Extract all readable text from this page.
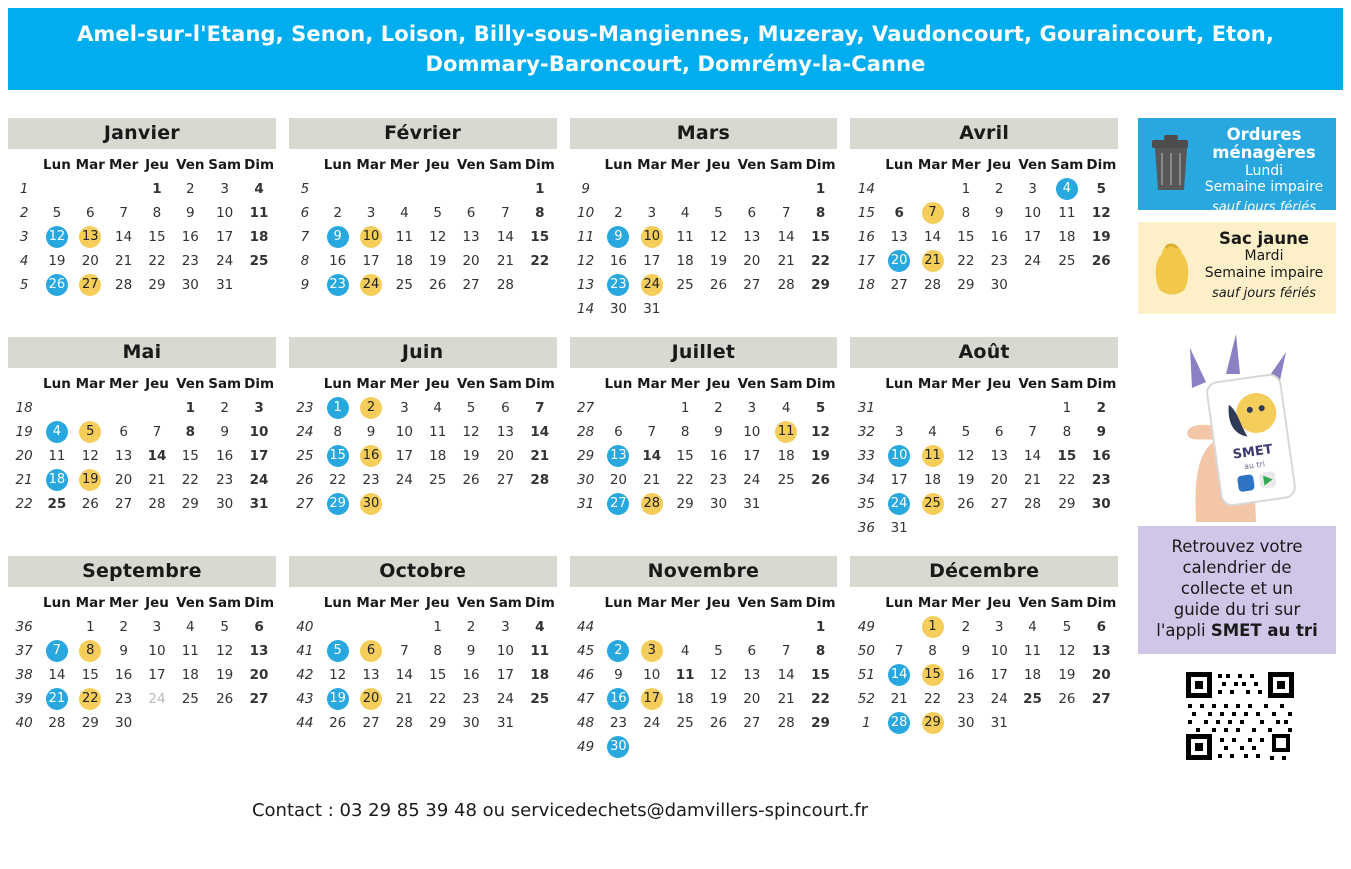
Amel-sur-l'Etang, Senon, Loison, Billy-sous-Mangiennes, Muzeray, Vaudoncourt, Gouraincourt, Eton, Dommary-Baroncourt, Domrémy-la-Canne
Janvier
	Lun	Mar	Mer	Jeu	Ven	Sam	Dim
1				1	2	3	4
2	5	6	7	8	9	10	11
3	12	13	14	15	16	17	18
4	19	20	21	22	23	24	25
5	26	27	28	29	30	31	
Février
	Lun	Mar	Mer	Jeu	Ven	Sam	Dim
5							1
6	2	3	4	5	6	7	8
7	9	10	11	12	13	14	15
8	16	17	18	19	20	21	22
9	23	24	25	26	27	28	
Mars
	Lun	Mar	Mer	Jeu	Ven	Sam	Dim
9							1
10	2	3	4	5	6	7	8
11	9	10	11	12	13	14	15
12	16	17	18	19	20	21	22
13	23	24	25	26	27	28	29
14	30	31					
Avril
	Lun	Mar	Mer	Jeu	Ven	Sam	Dim
14			1	2	3	4	5
15	6	7	8	9	10	11	12
16	13	14	15	16	17	18	19
17	20	21	22	23	24	25	26
18	27	28	29	30			
Mai
	Lun	Mar	Mer	Jeu	Ven	Sam	Dim
18					1	2	3
19	4	5	6	7	8	9	10
20	11	12	13	14	15	16	17
21	18	19	20	21	22	23	24
22	25	26	27	28	29	30	31
Juin
	Lun	Mar	Mer	Jeu	Ven	Sam	Dim
23	1	2	3	4	5	6	7
24	8	9	10	11	12	13	14
25	15	16	17	18	19	20	21
26	22	23	24	25	26	27	28
27	29	30					
Juillet
	Lun	Mar	Mer	Jeu	Ven	Sam	Dim
27			1	2	3	4	5
28	6	7	8	9	10	11	12
29	13	14	15	16	17	18	19
30	20	21	22	23	24	25	26
31	27	28	29	30	31		
Août
	Lun	Mar	Mer	Jeu	Ven	Sam	Dim
31						1	2
32	3	4	5	6	7	8	9
33	10	11	12	13	14	15	16
34	17	18	19	20	21	22	23
35	24	25	26	27	28	29	30
36	31						
Septembre
	Lun	Mar	Mer	Jeu	Ven	Sam	Dim
36		1	2	3	4	5	6
37	7	8	9	10	11	12	13
38	14	15	16	17	18	19	20
39	21	22	23	24	25	26	27
40	28	29	30				
Octobre
	Lun	Mar	Mer	Jeu	Ven	Sam	Dim
40				1	2	3	4
41	5	6	7	8	9	10	11
42	12	13	14	15	16	17	18
43	19	20	21	22	23	24	25
44	26	27	28	29	30	31	
Novembre
	Lun	Mar	Mer	Jeu	Ven	Sam	Dim
44							1
45	2	3	4	5	6	7	8
46	9	10	11	12	13	14	15
47	16	17	18	19	20	21	22
48	23	24	25	26	27	28	29
49	30						
Décembre
	Lun	Mar	Mer	Jeu	Ven	Sam	Dim
49		1	2	3	4	5	6
50	7	8	9	10	11	12	13
51	14	15	16	17	18	19	20
52	21	22	23	24	25	26	27
1	28	29	30	31			
Ordures ménagères
Lundi
Semaine impaire
sauf jours fériés
Sac jaune
Mardi
Semaine impaire
sauf jours fériés
SMET
au tri
Retrouvez votre
calendrier de
collecte et un
guide du tri sur
l'appli SMET au tri
Contact : 03 29 85 39 48 ou servicedechets@damvillers-spincourt.fr
